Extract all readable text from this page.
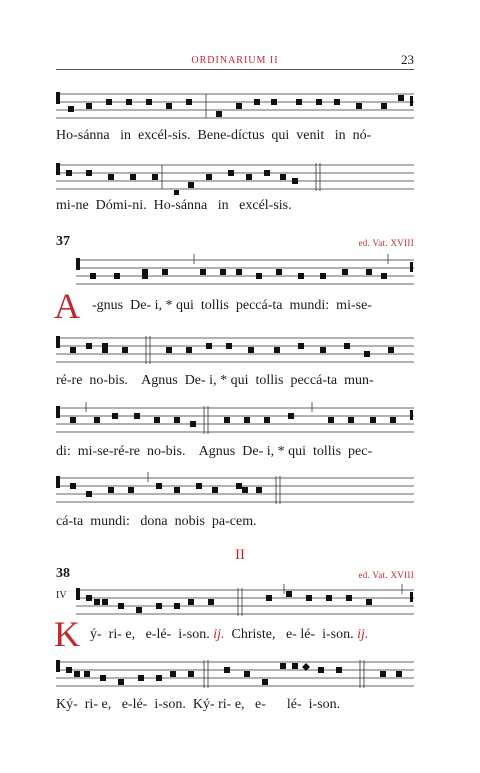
ORDINARIUM II	23
Ho-sánna   in  excél-sis.  Bene-díctus  qui  venit   in  nó-
mi-ne  Dómi-ni.  Ho-sánna   in   excél-sis.
37	ed. Vat. XVIII
A -gnus  De- i, * qui  tollis  peccá-ta  mundi:  mi-se-
ré-re  no-bis.    Agnus  De- i, * qui  tollis  peccá-ta  mun-
di:  mi-se-ré-re  no-bis.    Agnus  De- i, * qui  tollis  pec-
cá-ta  mundi:   dona  nobis  pa-cem.
II
38	ed. Vat. XVIII
IV
K ý-  ri- e,   e-lé-  i-son. ij.  Christe,   e- lé-  i-son. ij.
Ký-  ri- e,   e-lé-  i-son.  Ký- ri- e,   e-      lé-  i-son.
